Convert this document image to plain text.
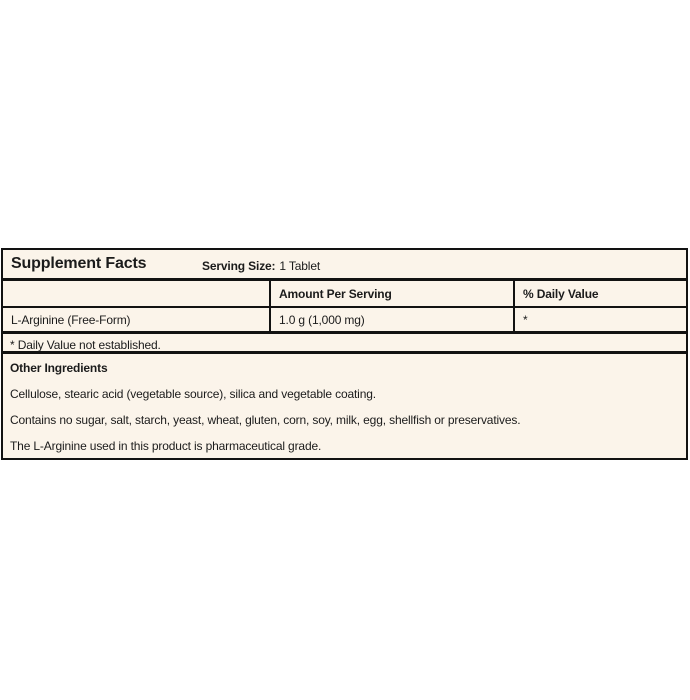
Supplement Facts	Serving Size: 1 Tablet
Amount Per Serving	% Daily Value
L-Arginine (Free-Form)	1.0 g (1,000 mg)	*
* Daily Value not established.

Other Ingredients

Cellulose, stearic acid (vegetable source), silica and vegetable coating.

Contains no sugar, salt, starch, yeast, wheat, gluten, corn, soy, milk, egg, shellfish or preservatives.

The L-Arginine used in this product is pharmaceutical grade.
